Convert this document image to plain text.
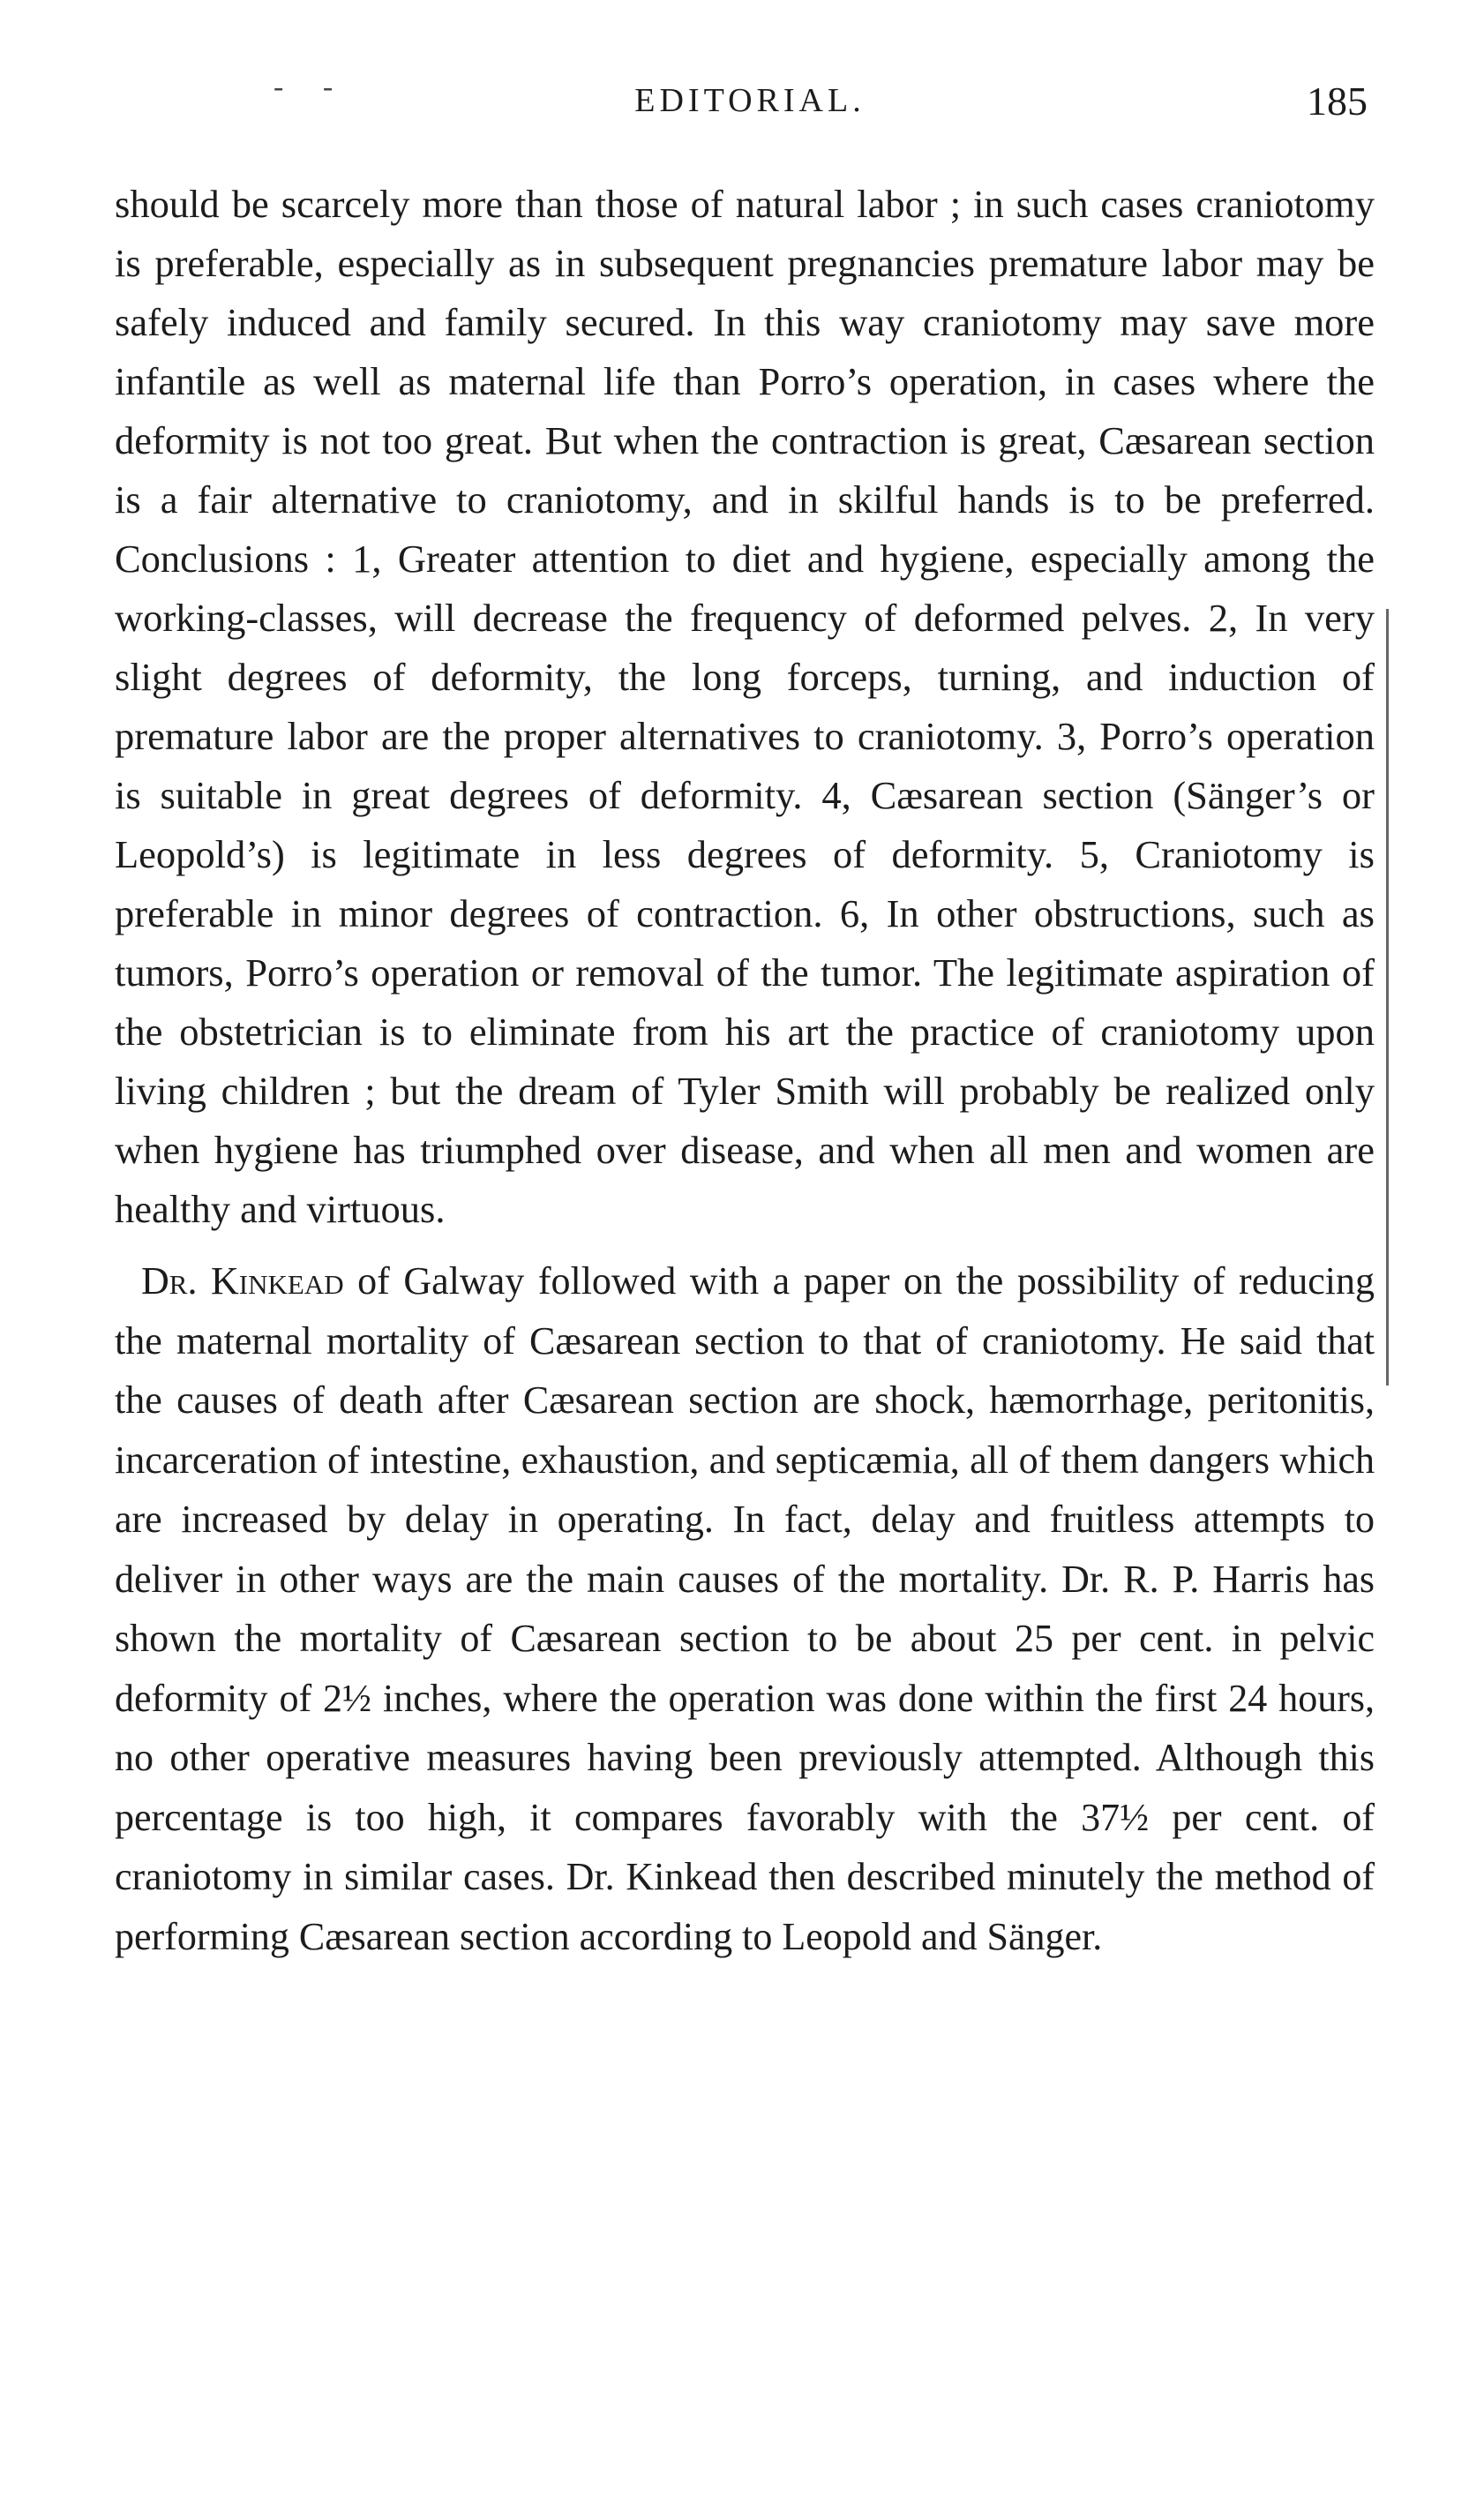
- -	EDITORIAL.	185

should be scarcely more than those of natural labor ; in such cases craniotomy is preferable, especially as in subsequent pregnancies premature labor may be safely induced and family secured. In this way craniotomy may save more infantile as well as maternal life than Porro’s operation, in cases where the deformity is not too great. But when the contraction is great, Cæsarean section is a fair alternative to craniotomy, and in skilful hands is to be preferred. Conclusions : 1, Greater attention to diet and hygiene, especially among the working-classes, will decrease the frequency of deformed pelves. 2, In very slight degrees of deformity, the long forceps, turning, and induction of premature labor are the proper alternatives to craniotomy. 3, Porro’s operation is suitable in great degrees of deformity. 4, Cæsarean section (Sänger’s or Leopold’s) is legitimate in less degrees of deformity. 5, Craniotomy is preferable in minor degrees of contraction. 6, In other obstructions, such as tumors, Porro’s operation or removal of the tumor. The legitimate aspiration of the obstetrician is to eliminate from his art the practice of craniotomy upon living children ; but the dream of Tyler Smith will probably be realized only when hygiene has triumphed over disease, and when all men and women are healthy and virtuous.

Dr. Kinkead of Galway followed with a paper on the possibility of reducing the maternal mortality of Cæsarean section to that of craniotomy. He said that the causes of death after Cæsarean section are shock, hæmorrhage, peritonitis, incarceration of intestine, exhaustion, and septicæmia, all of them dangers which are increased by delay in operating. In fact, delay and fruitless attempts to deliver in other ways are the main causes of the mortality. Dr. R. P. Harris has shown the mortality of Cæsarean section to be about 25 per cent. in pelvic deformity of 2½ inches, where the operation was done within the first 24 hours, no other operative measures having been previously attempted. Although this percentage is too high, it compares favorably with the 37½ per cent. of craniotomy in similar cases. Dr. Kinkead then described minutely the method of performing Cæsarean section according to Leopold and Sänger.
